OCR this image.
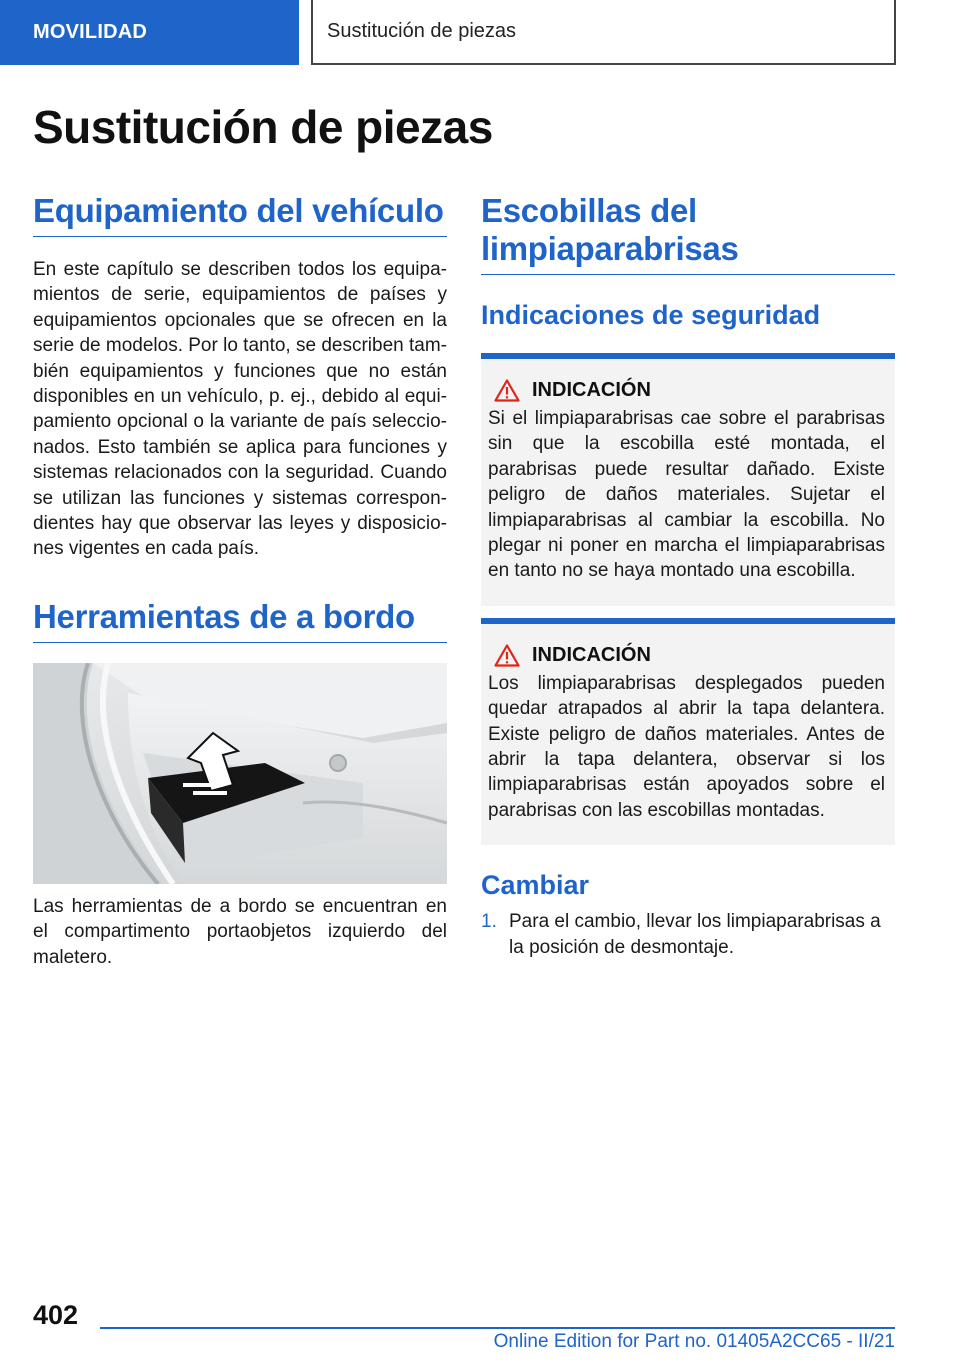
MOVILIDAD	Sustitución de piezas
Sustitución de piezas
Equipamiento del vehículo

En este capítulo se describen todos los equipamientos de serie, equipamientos de países y equipamientos opcionales que se ofrecen en la serie de modelos. Por lo tanto, se describen también equipamientos y funciones que no están disponibles en un vehículo, p. ej., debido al equipamiento opcional o la variante de país seleccionados. Esto también se aplica para funciones y sistemas relacionados con la seguridad. Cuando se utilizan las funciones y sistemas correspondientes hay que observar las leyes y disposiciones vigentes en cada país.

Herramientas de a bordo

Las herramientas de a bordo se encuentran en el compartimento portaobjetos izquierdo del maletero.

Escobillas del limpiaparabrisas
Indicaciones de seguridad
INDICACIÓN

Si el limpiaparabrisas cae sobre el parabrisas sin que la escobilla esté montada, el parabrisas puede resultar dañado. Existe peligro de daños materiales. Sujetar el limpiaparabrisas al cambiar la escobilla. No plegar ni poner en marcha el limpiaparabrisas en tanto no se haya montado una escobilla.

INDICACIÓN

Los limpiaparabrisas desplegados pueden quedar atrapados al abrir la tapa delantera. Existe peligro de daños materiales. Antes de abrir la tapa delantera, observar si los limpiaparabrisas están apoyados sobre el parabrisas con las escobillas montadas.

Cambiar
1. Para el cambio, llevar los limpiaparabrisas a la posición de desmontaje.
402
Online Edition for Part no. 01405A2CC65 - II/21
